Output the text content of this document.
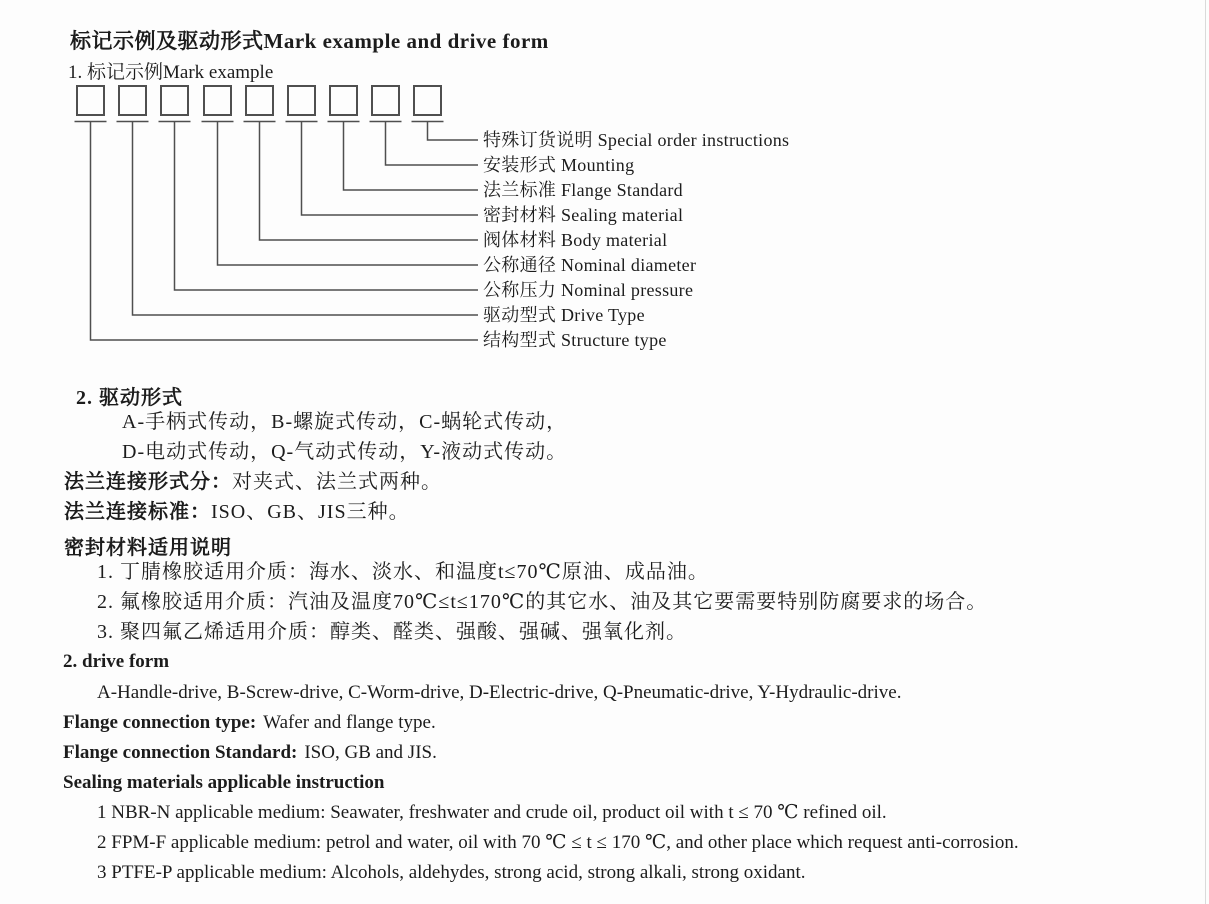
标记示例及驱动形式Mark example and drive form
1. 标记示例Mark example
特殊订货说明 Special order instructions
安装形式 Mounting
法兰标准 Flange Standard
密封材料 Sealing material
阀体材料 Body material
公称通径 Nominal diameter
公称压力 Nominal pressure
驱动型式 Drive Type
结构型式 Structure type
2. 驱动形式
A-手柄式传动，B-螺旋式传动，C-蜗轮式传动，
D-电动式传动，Q-气动式传动，Y-液动式传动。
法兰连接形式分：对夹式、法兰式两种。
法兰连接标准：ISO、GB、JIS三种。
密封材料适用说明
1. 丁腈橡胶适用介质：海水、淡水、和温度t≤70℃原油、成品油。
2. 氟橡胶适用介质：汽油及温度70℃≤t≤170℃的其它水、油及其它要需要特别防腐要求的场合。
3. 聚四氟乙烯适用介质：醇类、醛类、强酸、强碱、强氧化剂。
2. drive form
A-Handle-drive, B-Screw-drive, C-Worm-drive, D-Electric-drive, Q-Pneumatic-drive, Y-Hydraulic-drive.
Flange connection type: Wafer and flange type.
Flange connection Standard: ISO, GB and JIS.
Sealing materials applicable instruction
1 NBR-N applicable medium: Seawater, freshwater and crude oil, product oil with t ≤ 70 ℃ refined oil.
2 FPM-F applicable medium: petrol and water, oil with 70 ℃ ≤ t ≤ 170 ℃, and other place which request anti-corrosion.
3 PTFE-P applicable medium: Alcohols, aldehydes, strong acid, strong alkali, strong oxidant.
